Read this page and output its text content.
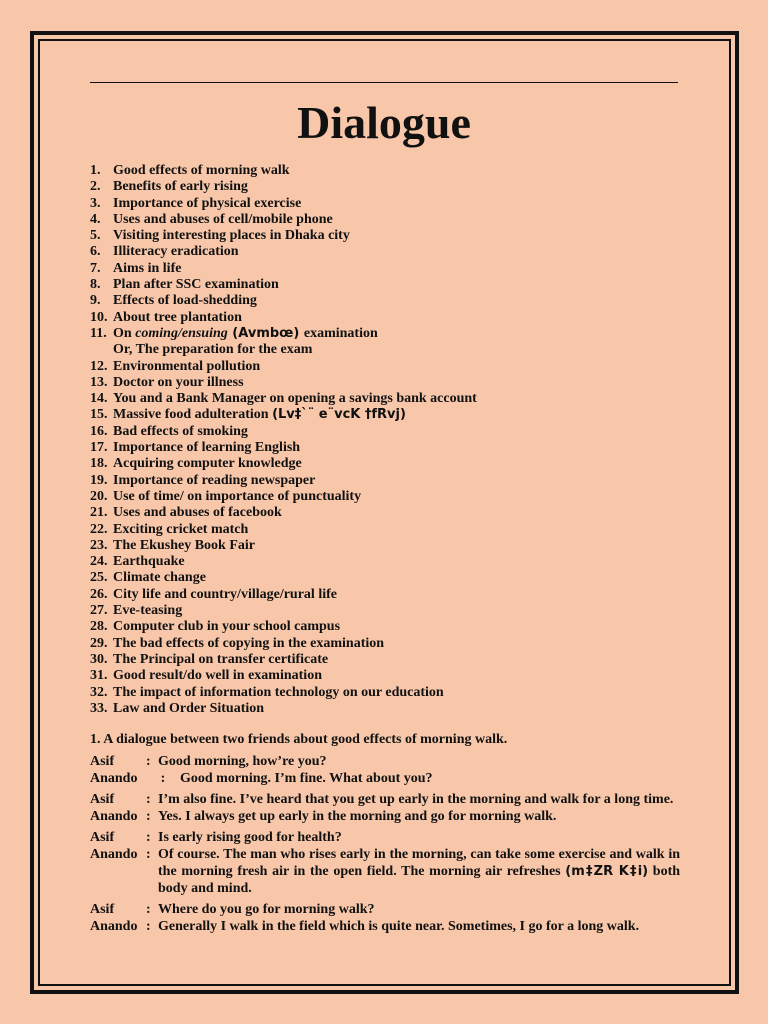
Dialogue
1. Good effects of morning walk
2. Benefits of early rising
3. Importance of physical exercise
4. Uses and abuses of cell/mobile phone
5. Visiting interesting places in Dhaka city
6. Illiteracy eradication
7. Aims in life
8. Plan after SSC examination
9. Effects of load-shedding
10. About tree plantation
11. On coming/ensuing (Avmbœ) examination
Or, The preparation for the exam
12. Environmental pollution
13. Doctor on your illness
14. You and a Bank Manager on opening a savings bank account
15. Massive food adulteration (Lv‡`¨ e¨vcK †fRvj)
16. Bad effects of smoking
17. Importance of learning English
18. Acquiring computer knowledge
19. Importance of reading newspaper
20. Use of time/ on importance of punctuality
21. Uses and abuses of facebook
22. Exciting cricket match
23. The Ekushey Book Fair
24. Earthquake
25. Climate change
26. City life and country/village/rural life
27. Eve-teasing
28. Computer club in your school campus
29. The bad effects of copying in the examination
30. The Principal on transfer certificate
31. Good result/do well in examination
32. The impact of information technology on our education
33. Law and Order Situation
1. A dialogue between two friends about good effects of morning walk.
Asif	: Good morning, how’re you?
Anando	:	Good morning. I’m fine. What about you?
Asif	: I’m also fine. I’ve heard that you get up early in the morning and walk for a long time.
Anando : Yes. I always get up early in the morning and go for morning walk.
Asif	: Is early rising good for health?
Anando : Of course. The man who rises early in the morning, can take some exercise and walk in the morning fresh air in the open field. The morning air refreshes (m‡ZR K‡i) both body and mind.
Asif	: Where do you go for morning walk?
Anando : Generally I walk in the field which is quite near. Sometimes, I go for a long walk.
